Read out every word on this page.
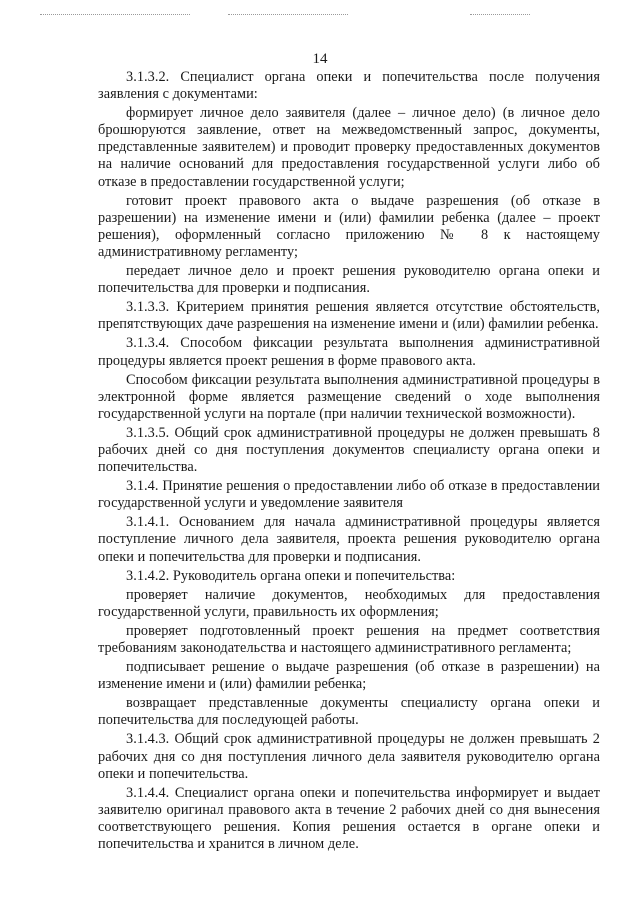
14

3.1.3.2. Специалист органа опеки и попечительства после получения заявления с документами:

формирует личное дело заявителя (далее – личное дело) (в личное дело брошюруются заявление, ответ на межведомственный запрос, документы, представленные заявителем) и проводит проверку предоставленных документов на наличие оснований для предоставления государственной услуги либо об отказе в предоставлении государственной услуги;

готовит проект правового акта о выдаче разрешения (об отказе в разрешении) на изменение имени и (или) фамилии ребенка (далее – проект решения), оформленный согласно приложению № 8 к настоящему административному регламенту;

передает личное дело и проект решения руководителю органа опеки и попечительства для проверки и подписания.

3.1.3.3. Критерием принятия решения является отсутствие обстоятельств, препятствующих даче разрешения на изменение имени и (или) фамилии ребенка.

3.1.3.4. Способом фиксации результата выполнения административной процедуры является проект решения в форме правового акта.

Способом фиксации результата выполнения административной процедуры в электронной форме является размещение сведений о ходе выполнения государственной услуги на портале (при наличии технической возможности).

3.1.3.5. Общий срок административной процедуры не должен превышать 8 рабочих дней со дня поступления документов специалисту органа опеки и попечительства.

3.1.4. Принятие решения о предоставлении либо об отказе в предоставлении государственной услуги и уведомление заявителя

3.1.4.1. Основанием для начала административной процедуры является поступление личного дела заявителя, проекта решения руководителю органа опеки и попечительства для проверки и подписания.

3.1.4.2. Руководитель органа опеки и попечительства:

проверяет наличие документов, необходимых для предоставления государственной услуги, правильность их оформления;

проверяет подготовленный проект решения на предмет соответствия требованиям законодательства и настоящего административного регламента;

подписывает решение о выдаче разрешения (об отказе в разрешении) на изменение имени и (или) фамилии ребенка;

возвращает представленные документы специалисту органа опеки и попечительства для последующей работы.

3.1.4.3. Общий срок административной процедуры не должен превышать 2 рабочих дня со дня поступления личного дела заявителя руководителю органа опеки и попечительства.

3.1.4.4. Специалист органа опеки и попечительства информирует и выдает заявителю оригинал правового акта в течение 2 рабочих дней со дня вынесения соответствующего решения. Копия решения остается в органе опеки и попечительства и хранится в личном деле.
